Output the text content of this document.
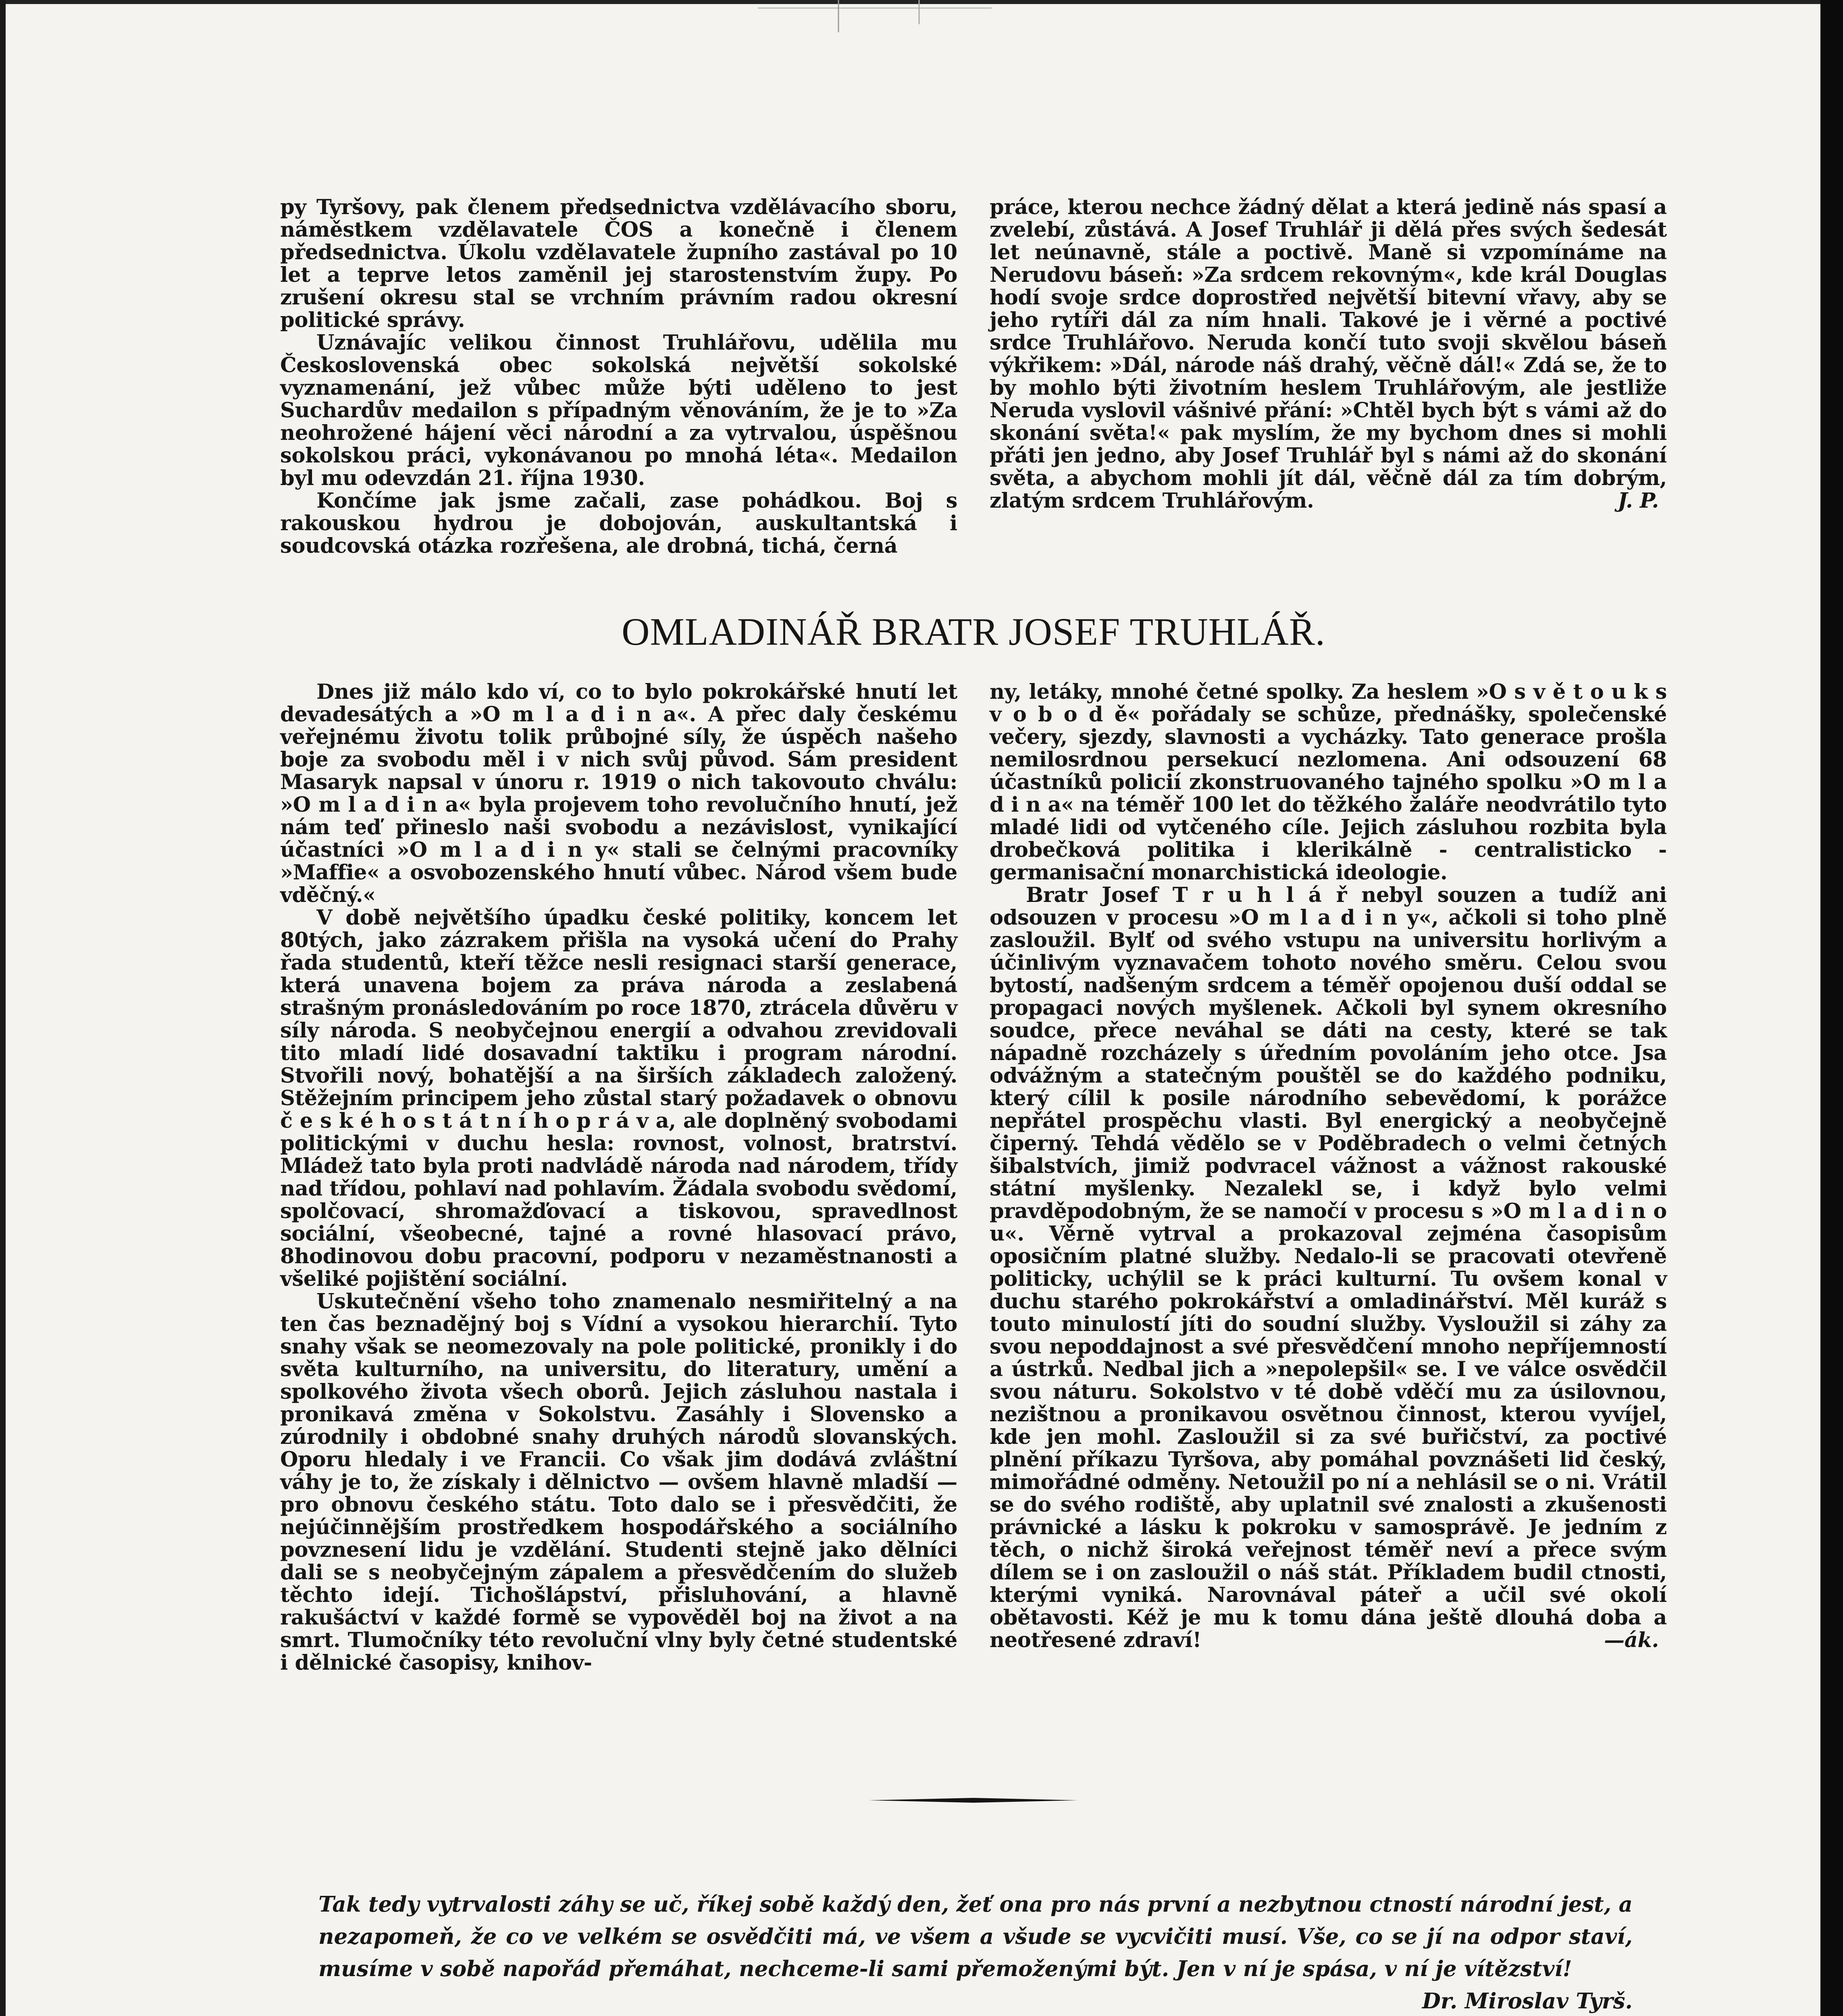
py Tyršovy, pak členem předsednictva vzdělávacího sboru, náměstkem vzdělavatele ČOS a konečně i členem předsednictva. Úkolu vzdělavatele župního zastával po 10 let a teprve letos zaměnil jej starostenstvím župy. Po zrušení okresu stal se vrchním právním radou okresní politické správy.

Uznávajíc velikou činnost Truhlářovu, udělila mu Československá obec sokolská největší sokolské vyznamenání, jež vůbec může býti uděleno to jest Suchardův medailon s případným věnováním, že je to »Za neohrožené hájení věci národní a za vytrvalou, úspěšnou sokolskou práci, vykonávanou po mnohá léta«. Medailon byl mu odevzdán 21. října 1930.

Končíme jak jsme začali, zase pohádkou. Boj s rakouskou hydrou je dobojován, auskultantská i soudcovská otázka rozřešena, ale drobná, tichá, černá

práce, kterou nechce žádný dělat a která jedině nás spasí a zvelebí, zůstává. A Josef Truhlář ji dělá přes svých šedesát let neúnavně, stále a poctivě. Maně si vzpomínáme na Nerudovu báseň: »Za srdcem rekovným«, kde král Douglas hodí svoje srdce doprostřed největší bitevní vřavy, aby se jeho rytíři dál za ním hnali. Takové je i věrné a poctivé srdce Truhlářovo. Neruda končí tuto svoji skvělou báseň výkřikem: »Dál, národe náš drahý, věčně dál!« Zdá se, že to by mohlo býti životním heslem Truhlářovým, ale jestliže Neruda vyslovil vášnivé přání: »Chtěl bych být s vámi až do skonání světa!« pak myslím, že my bychom dnes si mohli přáti jen jedno, aby Josef Truhlář byl s námi až do skonání světa, a abychom mohli jít dál, věčně dál za tím dobrým, zlatým srdcem Truhlářovým.	J. P.

OMLADINÁŘ BRATR JOSEF TRUHLÁŘ.

Dnes již málo kdo ví, co to bylo pokrokářské hnutí let devadesátých a »O m l a d i n a«. A přec daly českému veřejnému životu tolik průbojné síly, že úspěch našeho boje za svobodu měl i v nich svůj původ. Sám president Masaryk napsal v únoru r. 1919 o nich takovouto chválu: »O m l a d i n a« byla projevem toho revolučního hnutí, jež nám teď přineslo naši svobodu a nezávislost, vynikající účastníci »O m l a d i n y« stali se čelnými pracovníky »Maffie« a osvobozenského hnutí vůbec. Národ všem bude vděčný.«

V době největšího úpadku české politiky, koncem let 80tých, jako zázrakem přišla na vysoká učení do Prahy řada studentů, kteří těžce nesli resignaci starší generace, která unavena bojem za práva národa a zeslabená strašným pronásledováním po roce 1870, ztrácela důvěru v síly národa. S neobyčejnou energií a odvahou zrevidovali tito mladí lidé dosavadní taktiku i program národní. Stvořili nový, bohatější a na širších základech založený. Stěžejním principem jeho zůstal starý požadavek o obnovu č e s k é h o s t á t n í h o p r á v a, ale doplněný svobodami politickými v duchu hesla: rovnost, volnost, bratrství. Mládež tato byla proti nadvládě národa nad národem, třídy nad třídou, pohlaví nad pohlavím. Žádala svobodu svědomí, spolčovací, shromažďovací a tiskovou, spravedlnost sociální, všeobecné, tajné a rovné hlasovací právo, 8hodinovou dobu pracovní, podporu v nezaměstnanosti a všeliké pojištění sociální.

Uskutečnění všeho toho znamenalo nesmiřitelný a na ten čas beznadějný boj s Vídní a vysokou hierarchií. Tyto snahy však se neomezovaly na pole politické, pronikly i do světa kulturního, na universitu, do literatury, umění a spolkového života všech oborů. Jejich zásluhou nastala i pronikavá změna v Sokolstvu. Zasáhly i Slovensko a zúrodnily i obdobné snahy druhých národů slovanských. Oporu hledaly i ve Francii. Co však jim dodává zvláštní váhy je to, že získaly i dělnictvo — ovšem hlavně mladší — pro obnovu českého státu. Toto dalo se i přesvědčiti, že nejúčinnějším prostředkem hospodářského a sociálního povznesení lidu je vzdělání. Studenti stejně jako dělníci dali se s neobyčejným zápalem a přesvědčením do služeb těchto idejí. Tichošlápství, přisluhování, a hlavně rakušáctví v každé formě se vypověděl boj na život a na smrt. Tlumočníky této revoluční vlny byly četné studentské i dělnické časopisy, knihov-

ny, letáky, mnohé četné spolky. Za heslem »O s v ě t o u k s v o b o d ě« pořádaly se schůze, přednášky, společenské večery, sjezdy, slavnosti a vycházky. Tato generace prošla nemilosrdnou persekucí nezlomena. Ani odsouzení 68 účastníků policií zkonstruovaného tajného spolku »O m l a d i n a« na téměř 100 let do těžkého žaláře neodvrátilo tyto mladé lidi od vytčeného cíle. Jejich zásluhou rozbita byla drobečková politika i klerikálně - centralisticko - germanisační monarchistická ideologie.

Bratr Josef T r u h l á ř nebyl souzen a tudíž ani odsouzen v procesu »O m l a d i n y«, ačkoli si toho plně zasloužil. Bylť od svého vstupu na universitu horlivým a účinlivým vyznavačem tohoto nového směru. Celou svou bytostí, nadšeným srdcem a téměř opojenou duší oddal se propagaci nových myšlenek. Ačkoli byl synem okresního soudce, přece neváhal se dáti na cesty, které se tak nápadně rozcházely s úředním povoláním jeho otce. Jsa odvážným a statečným pouštěl se do každého podniku, který cílil k posile národního sebevědomí, k porážce nepřátel prospěchu vlasti. Byl energický a neobyčejně čiperný. Tehdá vědělo se v Poděbradech o velmi četných šibalstvích, jimiž podvracel vážnost a vážnost rakouské státní myšlenky. Nezalekl se, i když bylo velmi pravděpodobným, že se namočí v procesu s »O m l a d i n o u«. Věrně vytrval a prokazoval zejména časopisům oposičním platné služby. Nedalo-li se pracovati otevřeně politicky, uchýlil se k práci kulturní. Tu ovšem konal v duchu starého pokrokářství a omladinářství. Měl kuráž s touto minulostí jíti do soudní služby. Vysloužil si záhy za svou nepoddajnost a své přesvědčení mnoho nepříjemností a ústrků. Nedbal jich a »nepolepšil« se. I ve válce osvědčil svou náturu. Sokolstvo v té době vděčí mu za úsilovnou, nezištnou a pronikavou osvětnou činnost, kterou vyvíjel, kde jen mohl. Zasloužil si za své buřičství, za poctivé plnění příkazu Tyršova, aby pomáhal povznášeti lid český, mimořádné odměny. Netoužil po ní a nehlásil se o ni. Vrátil se do svého rodiště, aby uplatnil své znalosti a zkušenosti právnické a lásku k pokroku v samosprávě. Je jedním z těch, o nichž široká veřejnost téměř neví a přece svým dílem se i on zasloužil o náš stát. Příkladem budil ctnosti, kterými vyniká. Narovnával páteř a učil své okolí obětavosti. Kéž je mu k tomu dána ještě dlouhá doba a neotřesené zdraví!	—ák.

Tak tedy vytrvalosti záhy se uč, říkej sobě každý den, žeť ona pro nás první a nezbytnou ctností národní jest, a nezapomeň, že co ve velkém se osvědčiti má, ve všem a všude se vycvičiti musí. Vše, co se jí na odpor staví, musíme v sobě napořád přemáhat, nechceme-li sami přemoženými být. Jen v ní je spása, v ní je vítězství!
Dr. Miroslav Tyrš.
